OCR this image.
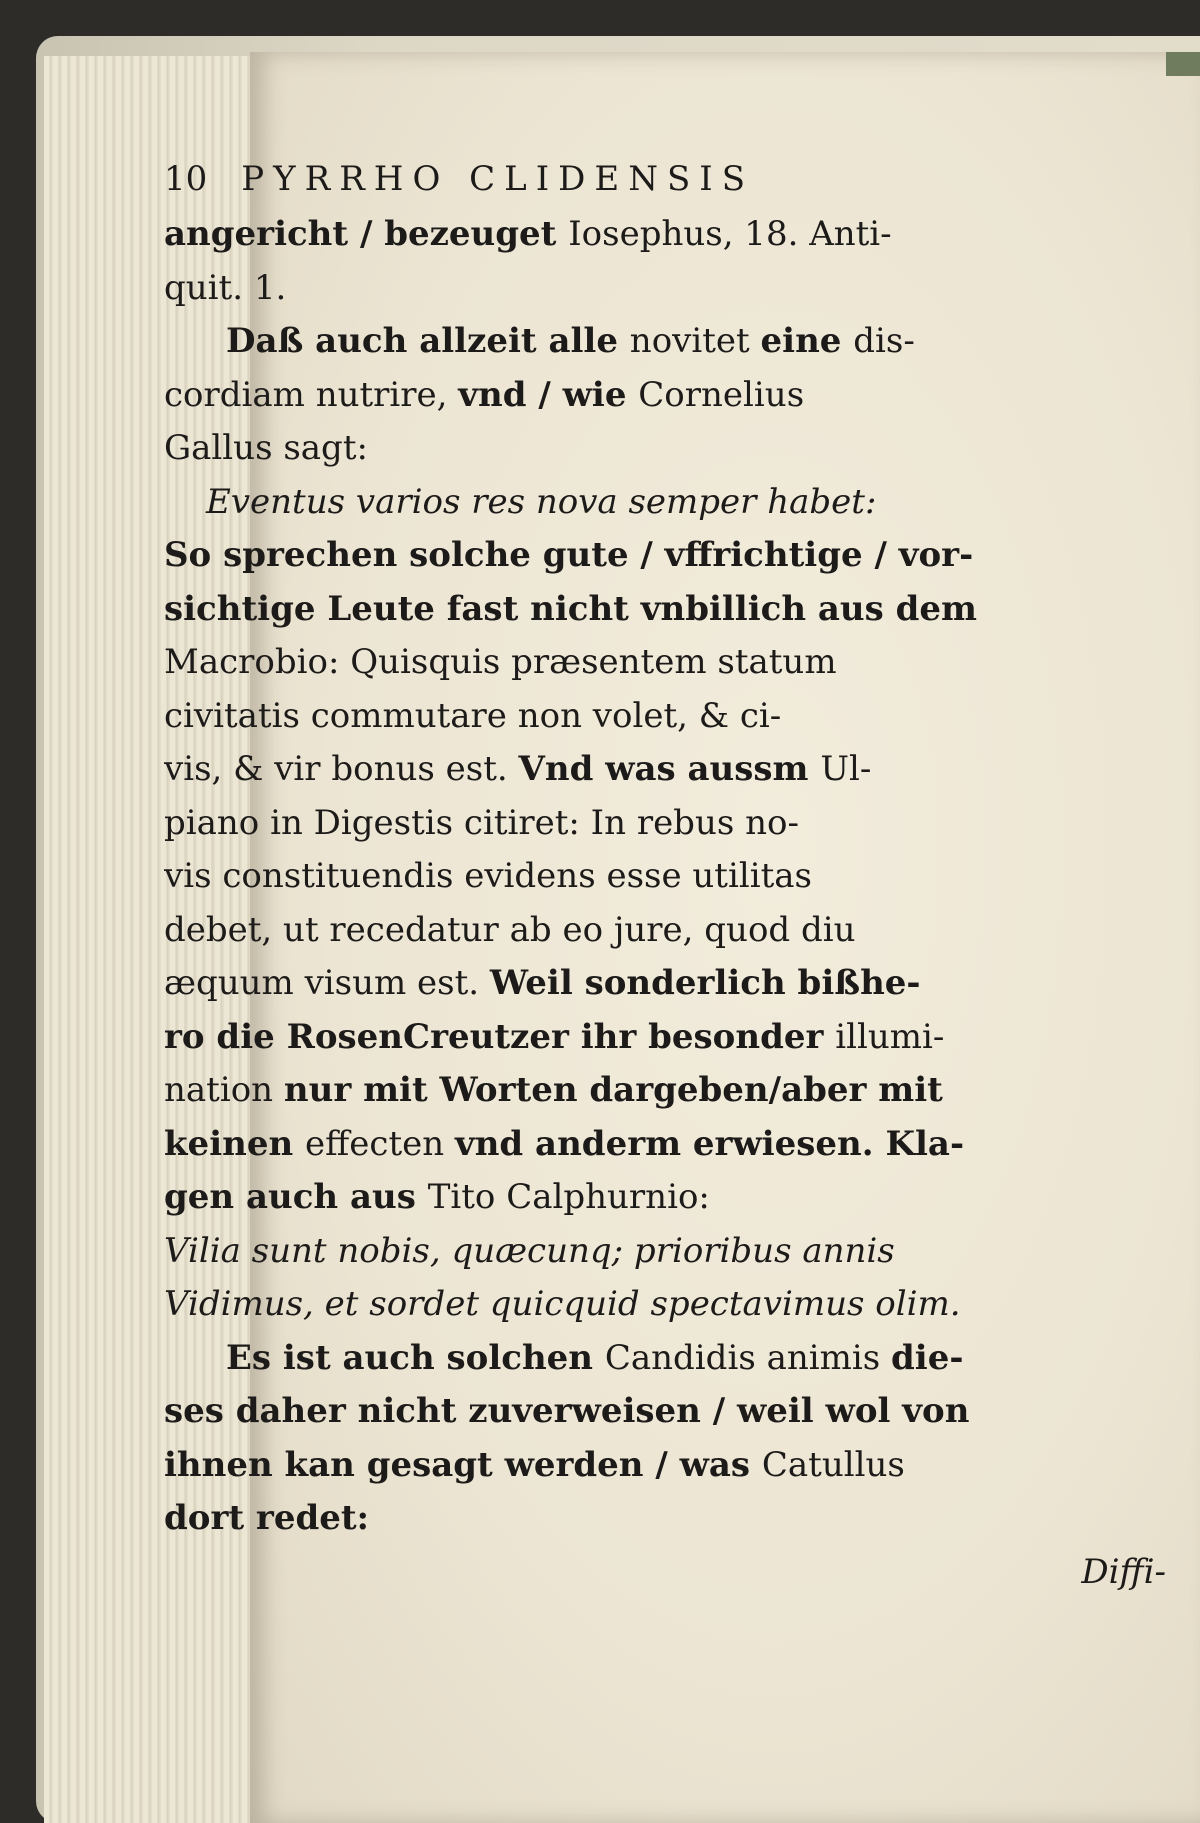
10 PYRRHO CLIDENSIS
angericht / bezeuget Iosephus, 18. Anti-
quit. 1.
Daß auch allzeit alle novitet eine dis-
cordiam nutrire, vnd / wie Cornelius
Gallus sagt:
Eventus varios res nova semper habet:
So sprechen solche gute / vffrichtige / vor-
sichtige Leute fast nicht vnbillich aus dem
Macrobio: Quisquis præsentem statum
civitatis commutare non volet, & ci-
vis, & vir bonus est. Vnd was aussm Ul-
piano in Digestis citiret: In rebus no-
vis constituendis evidens esse utilitas
debet, ut recedatur ab eo jure, quod diu
æquum visum est. Weil sonderlich bißhe-
ro die RosenCreutzer ihr besonder illumi-
nation nur mit Worten dargeben/aber mit
keinen effecten vnd anderm erwiesen. Kla-
gen auch aus Tito Calphurnio:
Vilia sunt nobis, quæcunq; prioribus annis
Vidimus, et sordet quicquid spectavimus olim.
Es ist auch solchen Candidis animis die-
ses daher nicht zuverweisen / weil wol von
ihnen kan gesagt werden / was Catullus
dort redet:
Diffi-
